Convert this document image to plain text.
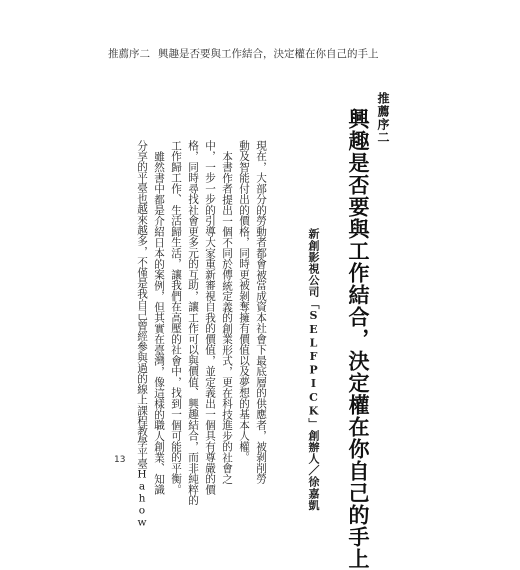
推薦序二 興趣是否要與工作結合，決定權在你自己的手上

推薦序二

興趣是否要與工作結合，決定權在你自己的手上

新創影視公司「SELFPICK」創辦人／徐嘉凱

現在，大部分的勞動者都會被當成資本社會下最底層的供應者，被剝削勞

動及智能付出的價格，同時更被剝奪擁有價值以及夢想的基本人權。

本書作者提出一個不同於傳統定義的創業形式，更在科技進步的社會之

中，一步一步的引導大家重新審視自我的價值，並定義出一個具有尊嚴的價

格，同時尋找社會更多元的互助，讓工作可以與價值、興趣結合，而非純粹的

工作歸工作、生活歸生活，讓我們在高壓的社會中，找到一個可能的平衡。

雖然書中都是介紹日本的案例，但其實在臺灣，像這樣的職人創業、知識

分享的平臺也越來越多，不僅是我自己曾經參與過的線上課程教學平臺Hahow

13
